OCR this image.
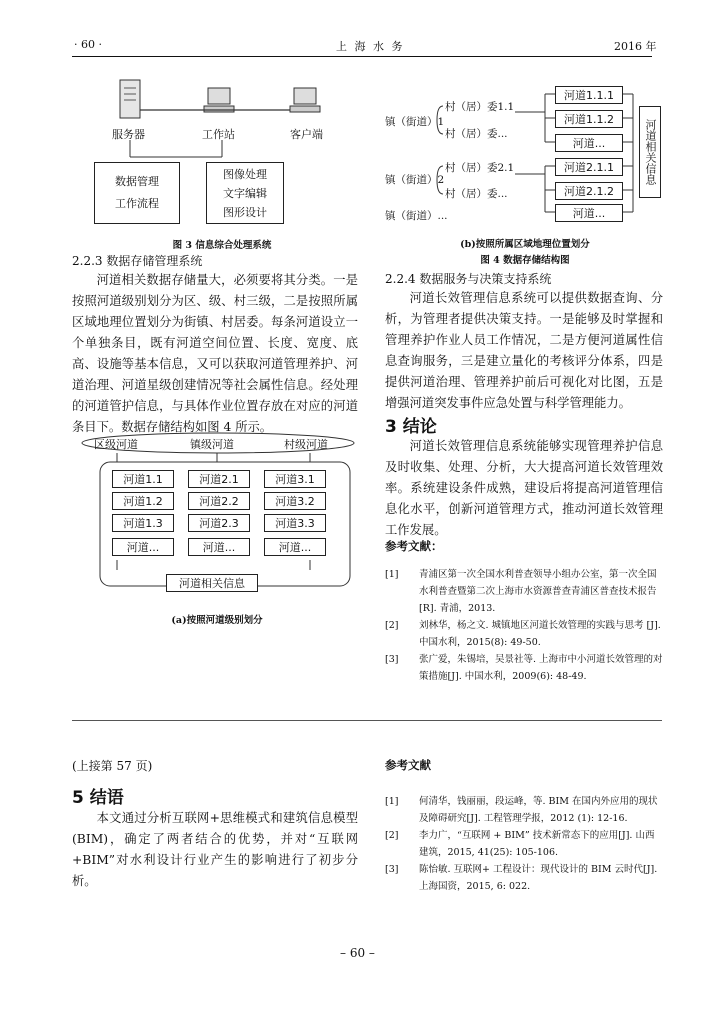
· 60 ·	上 海 水 务	2016 年
服务器	工作站	客户端
数据管理
工作流程
图像处理
文字编辑
图形设计
图 3 信息综合处理系统
2.2.3 数据存储管理系统

河道相关数据存储量大，必须要将其分类。一是按照河道级别划分为区、级、村三级，二是按照所属区域地理位置划分为街镇、村居委。每条河道设立一个单独条目，既有河道空间位置、长度、宽度、底高、设施等基本信息，又可以获取河道管理养护、河道治理、河道星级创建情况等社会属性信息。经处理的河道管护信息，与具体作业位置存放在对应的河道条目下。数据存储结构如图 4 所示。

区级河道	镇级河道	村级河道
河道1.1
河道1.2
河道1.3
河道...
河道2.1
河道2.2
河道2.3
河道...
河道3.1
河道3.2
河道3.3
河道...
河道相关信息
(a)按照河道级别划分
镇（街道）1
镇（街道）2
镇（街道）...
村（居）委1.1
村（居）委...
村（居）委2.1
村（居）委...
河道1.1.1
河道1.1.2
河道...
河道2.1.1
河道2.1.2
河道...
河道相关信息
(b)按照所属区域地理位置划分
图 4 数据存储结构图
2.2.4 数据服务与决策支持系统

河道长效管理信息系统可以提供数据查询、分析，为管理者提供决策支持。一是能够及时掌握和管理养护作业人员工作情况，二是方便河道属性信息查询服务，三是建立量化的考核评分体系，四是提供河道治理、管理养护前后可视化对比图，五是增强河道突发事件应急处置与科学管理能力。

3 结论

河道长效管理信息系统能够实现管理养护信息及时收集、处理、分析，大大提高河道长效管理效率。系统建设条件成熟，建设后将提高河道管理信息化水平，创新河道管理方式，推动河道长效管理工作发展。

参考文献：
[1] 青浦区第一次全国水利普查领导小组办公室，第一次全国水利普查暨第二次上海市水资源普查青浦区普查技术报告[R]. 青浦，2013.
[2] 刘林华，杨之文. 城镇地区河道长效管理的实践与思考 [J]. 中国水利，2015(8): 49-50.
[3] 张广爱，朱锡培，吴景社等. 上海市中小河道长效管理的对策措施[J]. 中国水利，2009(6): 48-49.
(上接第 57 页)
5 结语

本文通过分析互联网+思维模式和建筑信息模型(BIM)，确定了两者结合的优势，并对“互联网+BIM”对水利设计行业产生的影响进行了初步分析。

参考文献
[1] 何清华，钱丽丽，段运峰，等. BIM 在国内外应用的现状及障碍研究[J]. 工程管理学报，2012 (1): 12-16.
[2] 李力广，“互联网 + BIM” 技术新常态下的应用[J]. 山西建筑，2015, 41(25): 105-106.
[3] 陈怡敏. 互联网+ 工程设计：现代设计的 BIM 云时代[J]. 上海国资，2015, 6: 022.
– 60 –
